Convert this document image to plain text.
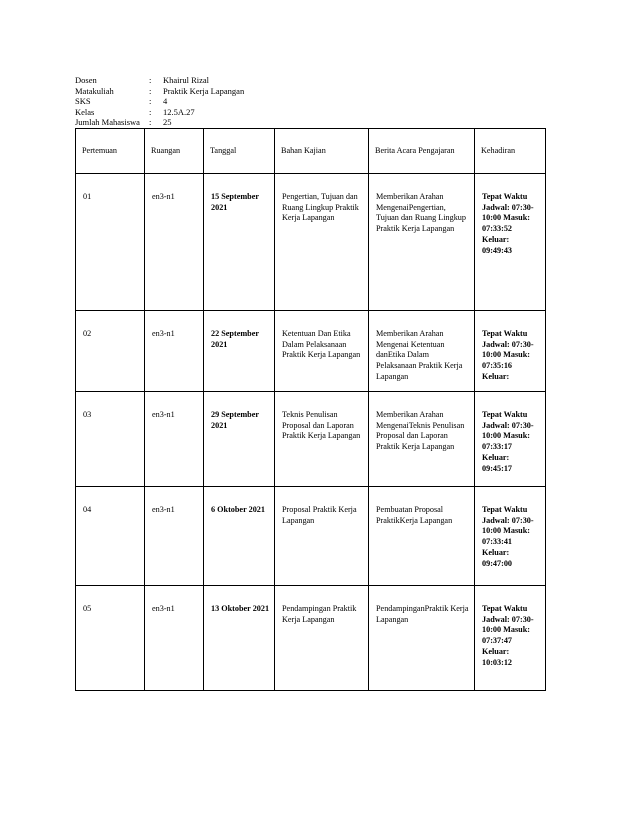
Dosen	:	Khairul Rizal
Matakuliah	:	Praktik Kerja Lapangan
SKS	:	4
Kelas	:	12.5A.27
Jumlah Mahasiswa	:	25
Pertemuan	Ruangan	Tanggal	Bahan Kajian	Berita Acara Pengajaran	Kehadiran
01	en3-n1	15 September 2021	Pengertian, Tujuan dan Ruang Lingkup Praktik Kerja Lapangan	Memberikan Arahan MengenaiPengertian, Tujuan dan Ruang Lingkup Praktik Kerja Lapangan	Tepat Waktu Jadwal: 07:30-10:00 Masuk: 07:33:52 Keluar: 09:49:43
02	en3-n1	22 September 2021	Ketentuan Dan Etika Dalam Pelaksanaan Praktik Kerja Lapangan	Memberikan Arahan Mengenai Ketentuan danEtika Dalam Pelaksanaan Praktik Kerja Lapangan	Tepat Waktu Jadwal: 07:30-10:00 Masuk: 07:35:16 Keluar:
03	en3-n1	29 September 2021	Teknis Penulisan Proposal dan Laporan Praktik Kerja Lapangan	Memberikan Arahan MengenaiTeknis Penulisan Proposal dan Laporan Praktik Kerja Lapangan	Tepat Waktu Jadwal: 07:30-10:00 Masuk: 07:33:17 Keluar: 09:45:17
04	en3-n1	6 Oktober 2021	Proposal Praktik Kerja Lapangan	Pembuatan Proposal PraktikKerja Lapangan	Tepat Waktu Jadwal: 07:30-10:00 Masuk: 07:33:41 Keluar: 09:47:00
05	en3-n1	13 Oktober 2021	Pendampingan Praktik Kerja Lapangan	PendampinganPraktik Kerja Lapangan	Tepat Waktu Jadwal: 07:30-10:00 Masuk: 07:37:47 Keluar: 10:03:12
